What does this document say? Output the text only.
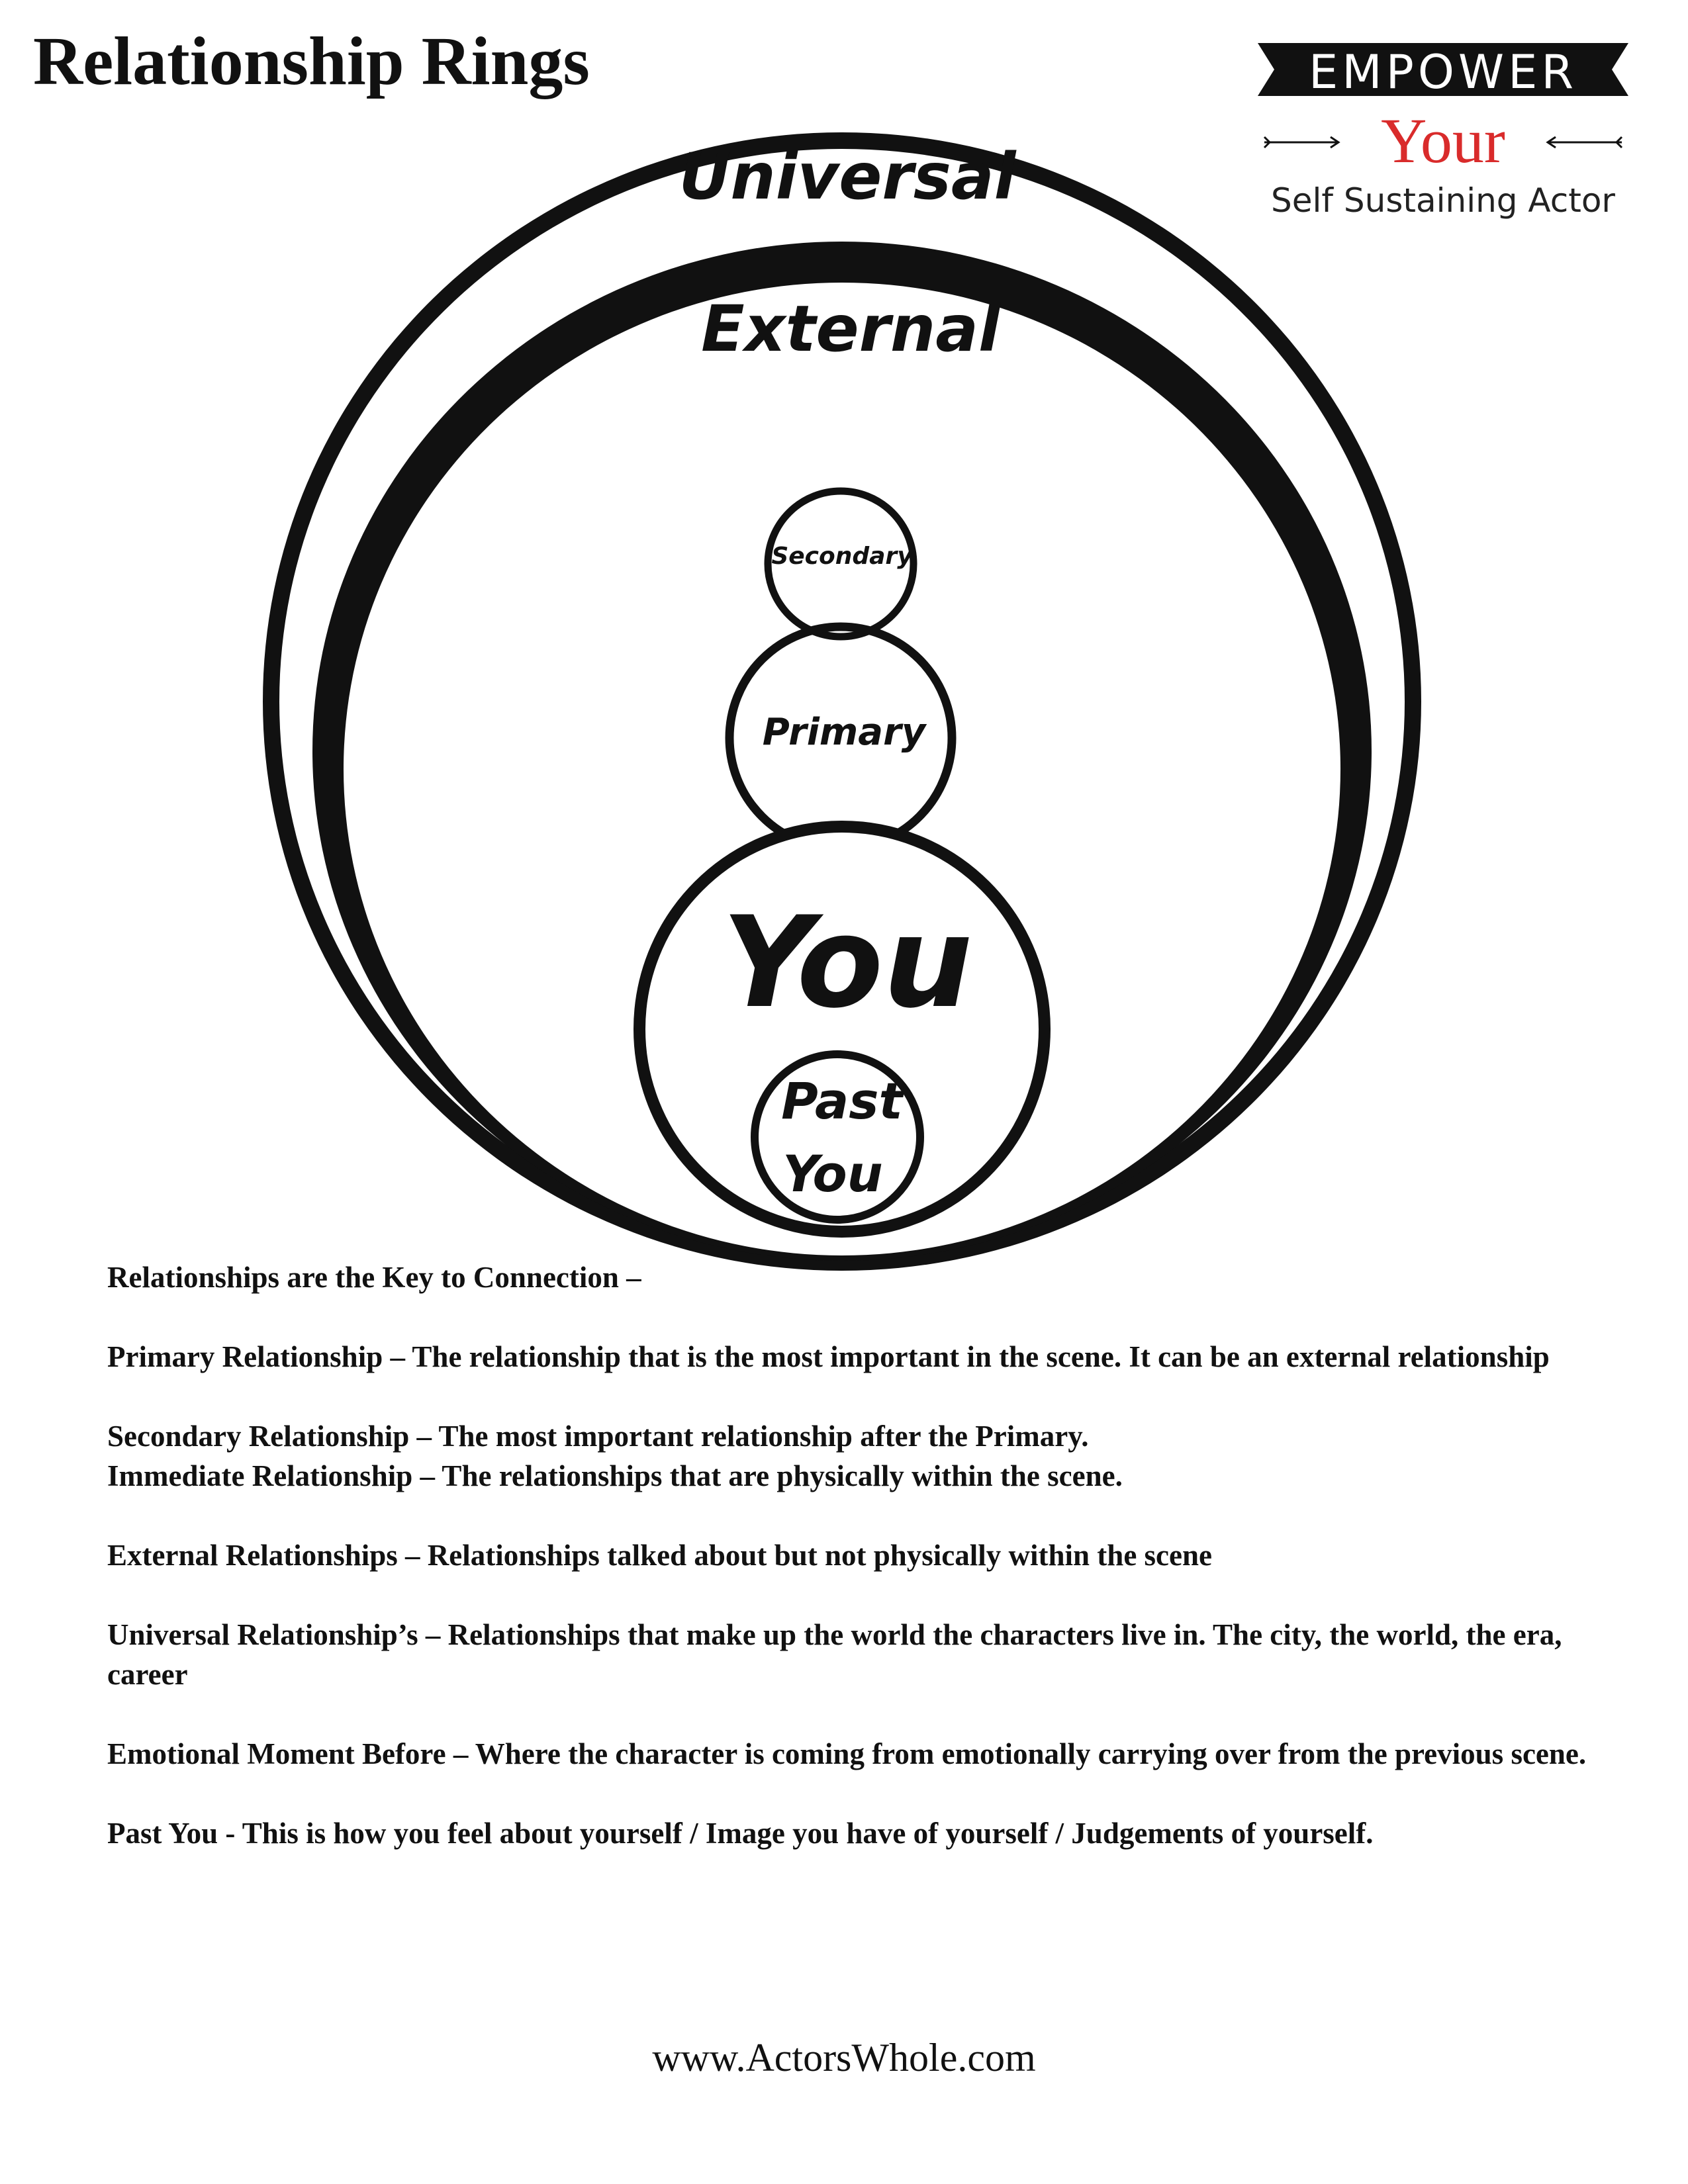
Relationship Rings	EMPOWER
Your
Self Sustaining Actor
Universal
External
Secondary
Primary
You
Past
You

Relationships are the Key to Connection –

Primary Relationship – The relationship that is the most important in the scene. It can be an external relationship

Secondary Relationship – The most important relationship after the Primary.

Immediate Relationship – The relationships that are physically within the scene.

External Relationships – Relationships talked about but not physically within the scene

Universal Relationship’s – Relationships that make up the world the characters live in. The city, the world, the era, career

Emotional Moment Before – Where the character is coming from emotionally carrying over from the previous scene.

Past You - This is how you feel about yourself / Image you have of yourself / Judgements of yourself.

www.ActorsWhole.com
